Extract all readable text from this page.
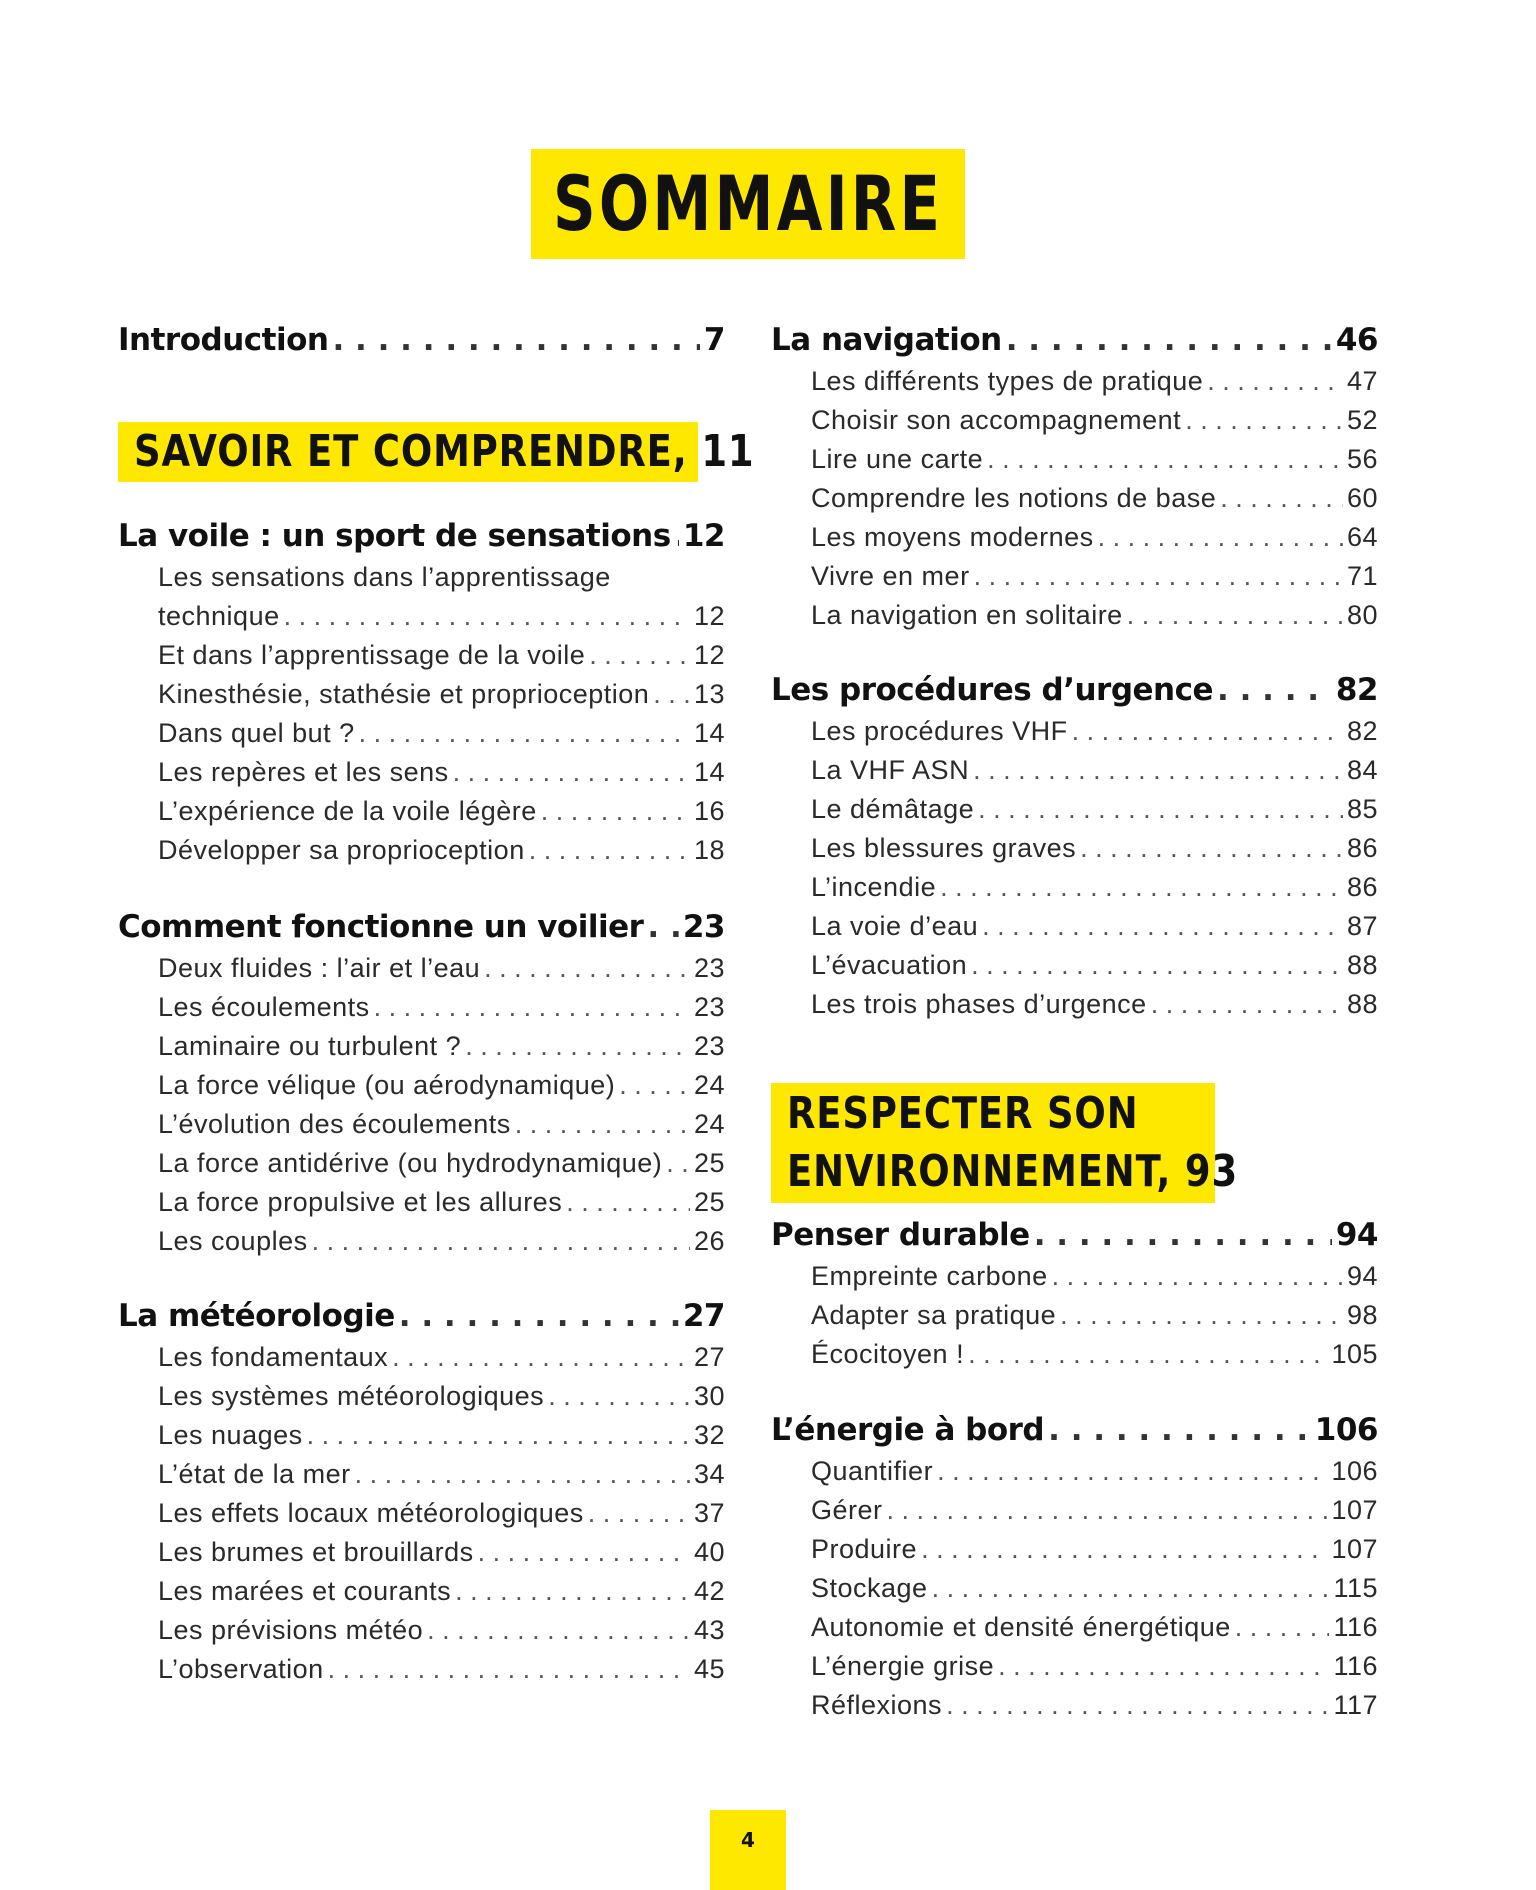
SOMMAIRE
Introduction . . .	7
SAVOIR ET COMPRENDRE, 11
La voile : un sport de sensations . . . 12
Les sensations dans l’apprentissage
technique . . .	12
Et dans l’apprentissage de la voile . . .	12
Kinesthésie, stathésie et proprioception . . . 13
Dans quel but ? . . .	14
Les repères et les sens . . .	14
L’expérience de la voile légère . . .	16
Développer sa proprioception . . .	18
Comment fonctionne un voilier . . . 23
Deux fluides : l’air et l’eau . . .	23
Les écoulements . . .	23
Laminaire ou turbulent ? . . .	23
La force vélique (ou aérodynamique) . . .	24
L’évolution des écoulements . . .	24
La force antidérive (ou hydrodynamique) . . . 25
La force propulsive et les allures . . .	25
Les couples . . .	26
La météorologie . . .	27
Les fondamentaux . . .	27
Les systèmes météorologiques . . .	30
Les nuages . . .	32
L’état de la mer . . .	34
Les effets locaux météorologiques . . .	37
Les brumes et brouillards . . .	40
Les marées et courants . . .	42
Les prévisions météo . . .	43
L’observation . . .	45
La navigation . . .	46
Les différents types de pratique . . .	47
Choisir son accompagnement . . .	52
Lire une carte . . .	56
Comprendre les notions de base . . .	60
Les moyens modernes . . .	64
Vivre en mer . . .	71
La navigation en solitaire . . .	80
Les procédures d’urgence . . .	82
Les procédures VHF . . .	82
La VHF ASN . . .	84
Le démâtage . . .	85
Les blessures graves . . .	86
L’incendie . . .	86
La voie d’eau . . .	87
L’évacuation . . .	88
Les trois phases d’urgence . . .	88
RESPECTER SON
ENVIRONNEMENT, 93
Penser durable . . .	94
Empreinte carbone . . .	94
Adapter sa pratique . . .	98
Écocitoyen ! . . .	105
L’énergie à bord . . .	106
Quantifier . . .	106
Gérer . . .	107
Produire . . .	107
Stockage . . .	115
Autonomie et densité énergétique . . .	116
L’énergie grise . . .	116
Réflexions . . .	117
4
